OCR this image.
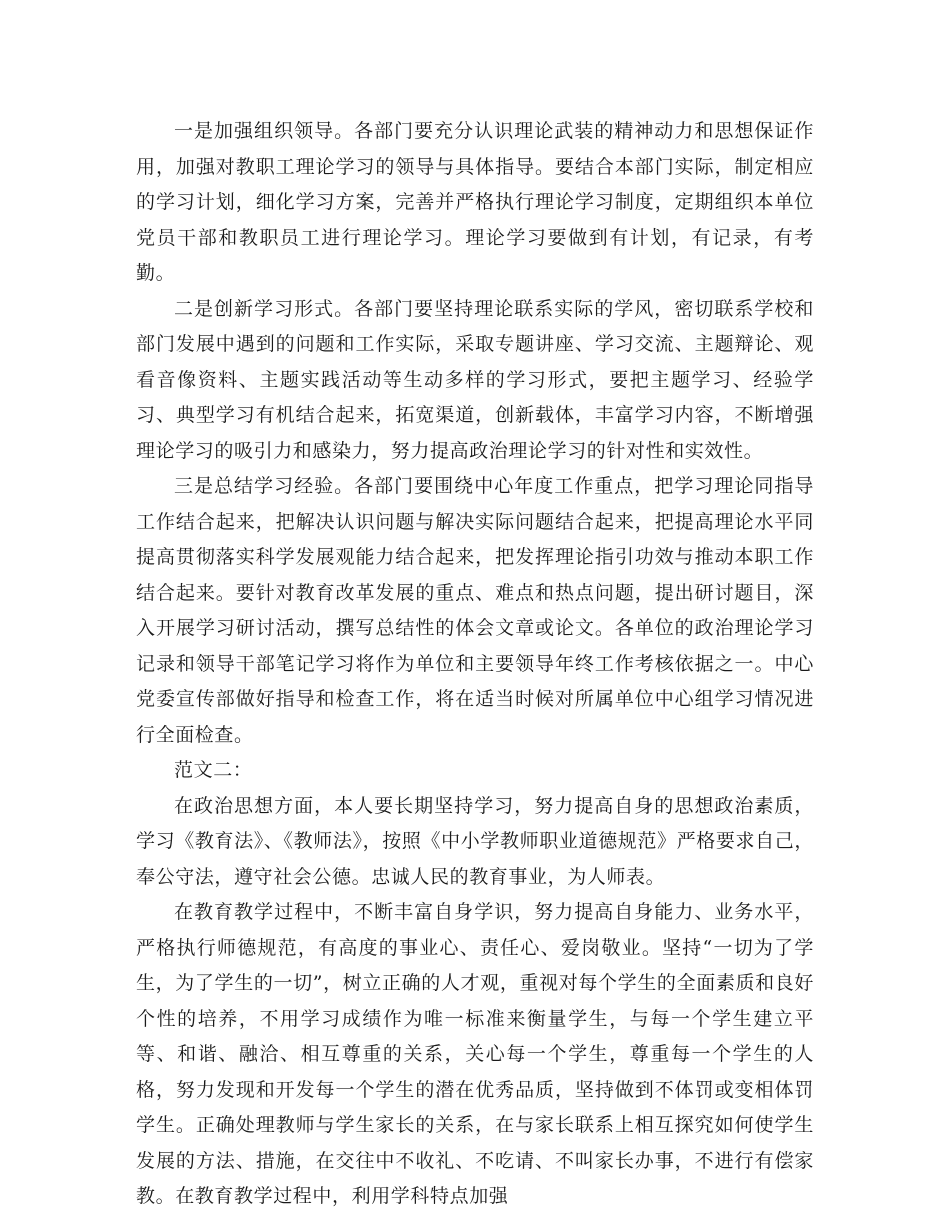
一是加强组织领导。各部门要充分认识理论武装的精神动力和思想保证作用，加强对教职工理论学习的领导与具体指导。要结合本部门实际，制定相应的学习计划，细化学习方案，完善并严格执行理论学习制度，定期组织本单位党员干部和教职员工进行理论学习。理论学习要做到有计划，有记录，有考勤。

二是创新学习形式。各部门要坚持理论联系实际的学风，密切联系学校和部门发展中遇到的问题和工作实际，采取专题讲座、学习交流、主题辩论、观看音像资料、主题实践活动等生动多样的学习形式，要把主题学习、经验学习、典型学习有机结合起来，拓宽渠道，创新载体，丰富学习内容，不断增强理论学习的吸引力和感染力，努力提高政治理论学习的针对性和实效性。

三是总结学习经验。各部门要围绕中心年度工作重点，把学习理论同指导工作结合起来，把解决认识问题与解决实际问题结合起来，把提高理论水平同提高贯彻落实科学发展观能力结合起来，把发挥理论指引功效与推动本职工作结合起来。要针对教育改革发展的重点、难点和热点问题，提出研讨题目，深入开展学习研讨活动，撰写总结性的体会文章或论文。各单位的政治理论学习记录和领导干部笔记学习将作为单位和主要领导年终工作考核依据之一。中心党委宣传部做好指导和检查工作，将在适当时候对所属单位中心组学习情况进行全面检查。

范文二：

在政治思想方面，本人要长期坚持学习，努力提高自身的思想政治素质，学习《教育法》、《教师法》，按照《中小学教师职业道德规范》严格要求自己，奉公守法，遵守社会公德。忠诚人民的教育事业，为人师表。

在教育教学过程中，不断丰富自身学识，努力提高自身能力、业务水平，严格执行师德规范，有高度的事业心、责任心、爱岗敬业。坚持“一切为了学生，为了学生的一切”，树立正确的人才观，重视对每个学生的全面素质和良好个性的培养，不用学习成绩作为唯一标准来衡量学生，与每一个学生建立平等、和谐、融洽、相互尊重的关系，关心每一个学生，尊重每一个学生的人格，努力发现和开发每一个学生的潜在优秀品质，坚持做到不体罚或变相体罚学生。正确处理教师与学生家长的关系，在与家长联系上相互探究如何使学生发展的方法、措施，在交往中不收礼、不吃请、不叫家长办事，不进行有偿家教。在教育教学过程中，利用学科特点加强
